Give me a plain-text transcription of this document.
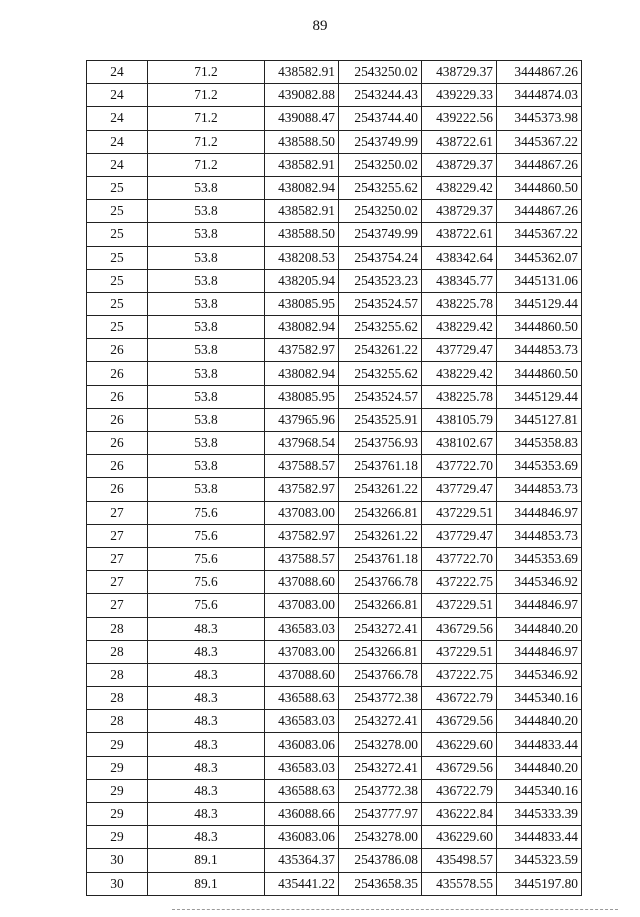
89
24	71.2	438582.91	2543250.02	438729.37	3444867.26
24	71.2	439082.88	2543244.43	439229.33	3444874.03
24	71.2	439088.47	2543744.40	439222.56	3445373.98
24	71.2	438588.50	2543749.99	438722.61	3445367.22
24	71.2	438582.91	2543250.02	438729.37	3444867.26
25	53.8	438082.94	2543255.62	438229.42	3444860.50
25	53.8	438582.91	2543250.02	438729.37	3444867.26
25	53.8	438588.50	2543749.99	438722.61	3445367.22
25	53.8	438208.53	2543754.24	438342.64	3445362.07
25	53.8	438205.94	2543523.23	438345.77	3445131.06
25	53.8	438085.95	2543524.57	438225.78	3445129.44
25	53.8	438082.94	2543255.62	438229.42	3444860.50
26	53.8	437582.97	2543261.22	437729.47	3444853.73
26	53.8	438082.94	2543255.62	438229.42	3444860.50
26	53.8	438085.95	2543524.57	438225.78	3445129.44
26	53.8	437965.96	2543525.91	438105.79	3445127.81
26	53.8	437968.54	2543756.93	438102.67	3445358.83
26	53.8	437588.57	2543761.18	437722.70	3445353.69
26	53.8	437582.97	2543261.22	437729.47	3444853.73
27	75.6	437083.00	2543266.81	437229.51	3444846.97
27	75.6	437582.97	2543261.22	437729.47	3444853.73
27	75.6	437588.57	2543761.18	437722.70	3445353.69
27	75.6	437088.60	2543766.78	437222.75	3445346.92
27	75.6	437083.00	2543266.81	437229.51	3444846.97
28	48.3	436583.03	2543272.41	436729.56	3444840.20
28	48.3	437083.00	2543266.81	437229.51	3444846.97
28	48.3	437088.60	2543766.78	437222.75	3445346.92
28	48.3	436588.63	2543772.38	436722.79	3445340.16
28	48.3	436583.03	2543272.41	436729.56	3444840.20
29	48.3	436083.06	2543278.00	436229.60	3444833.44
29	48.3	436583.03	2543272.41	436729.56	3444840.20
29	48.3	436588.63	2543772.38	436722.79	3445340.16
29	48.3	436088.66	2543777.97	436222.84	3445333.39
29	48.3	436083.06	2543278.00	436229.60	3444833.44
30	89.1	435364.37	2543786.08	435498.57	3445323.59
30	89.1	435441.22	2543658.35	435578.55	3445197.80
